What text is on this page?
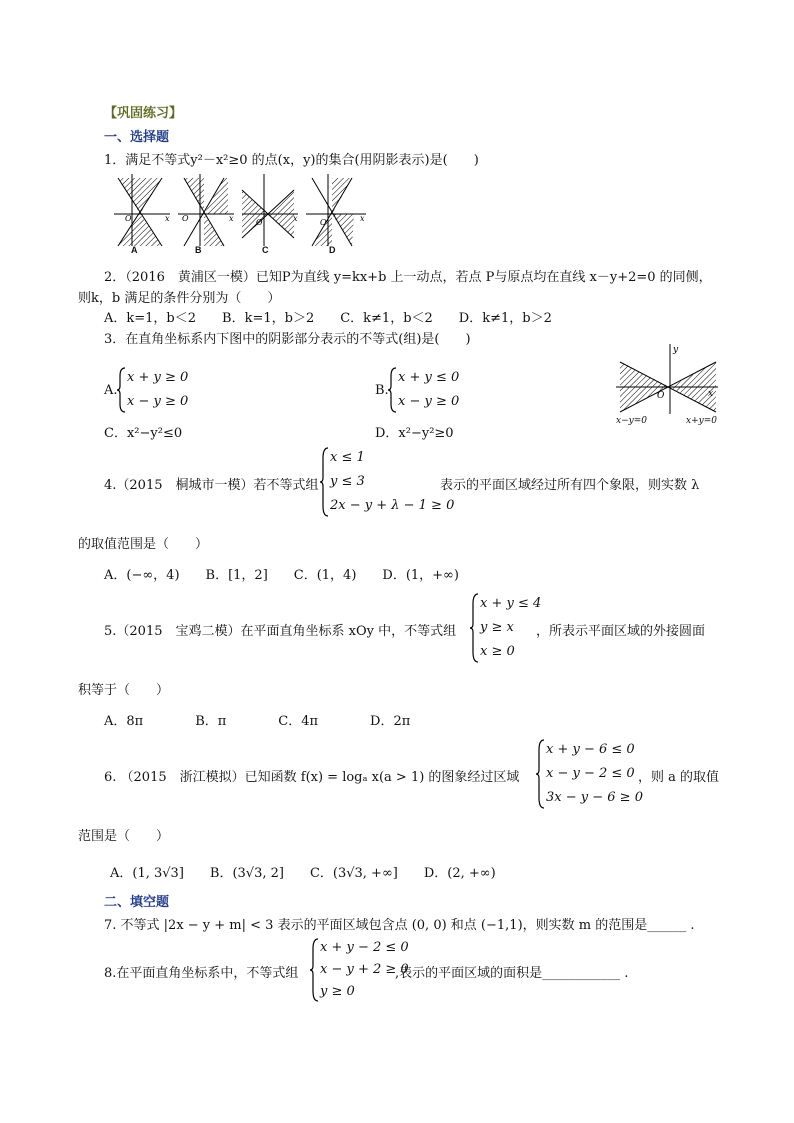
【巩固练习】
一、选择题
1．满足不等式y²－x²≥0 的点(x，y)的集合(用阴影表示)是(　　)
O	x O	x	O	x	O	x
A	B	C	D
2．（2016　黄浦区一模）已知P为直线 y=kx+b 上一动点，若点 P与原点均在直线 x－y+2=0 的同侧，
则k，b 满足的条件分别为（　　）
A．k=1，b＜2　　B．k=1，b＞2　　C．k≠1，b＜2　　D．k≠1，b＞2
3．在直角坐标系内下图中的阴影部分表示的不等式(组)是(　　)
A.
x + y ≥ 0
x − y ≥ 0
B.
x + y ≤ 0
x − y ≥ 0
C．x²−y²≤0	D．x²−y²≥0
O	x
y
x−y=0	x+y=0
4.（2015　桐城市一模）若不等式组
x ≤ 1
y ≤ 3
2x − y + λ − 1 ≥ 0
表示的平面区域经过所有四个象限，则实数 λ
的取值范围是（　　）
A．(−∞，4)　　B．[1，2]　　C．(1，4)　　D．(1，+∞)
5.（2015　宝鸡二模）在平面直角坐标系 xOy 中，不等式组
x + y ≤ 4
y ≥ x
x ≥ 0
，所表示平面区域的外接圆面
积等于（　　）
A．8π　　　　B．π　　　　C．4π　　　　D．2π
6. （2015　浙江模拟）已知函数 f(x) = logₐ x(a > 1) 的图象经过区域
x + y − 6 ≤ 0
x − y − 2 ≤ 0
3x − y − 6 ≥ 0
，则 a 的取值
范围是（　　）
A．(1, 3√3]　　B．(3√3, 2]　　C．(3√3, +∞]　　D．(2, +∞)
二、填空题
7. 不等式 |2x − y + m| < 3 表示的平面区域包含点 (0, 0) 和点 (−1,1)，则实数 m 的范围是______ .
8.在平面直角坐标系中，不等式组
x + y − 2 ≤ 0
x − y + 2 ≥ 0
y ≥ 0
,表示的平面区域的面积是____________ .
